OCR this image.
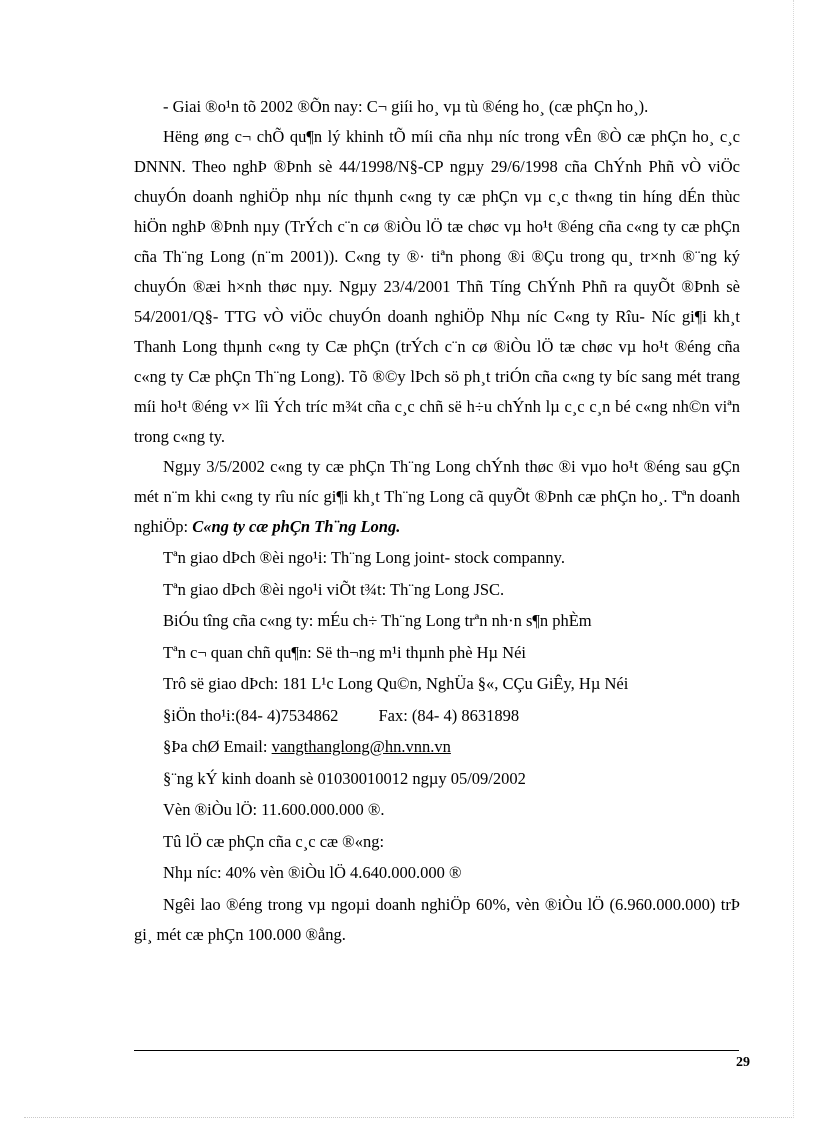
- Giai ®o¹n tõ 2002 ®Õn nay: C¬ giíi ho¸ vµ tù ®éng ho¸ (cæ phÇn ho¸).

Hëng øng c¬ chÕ qu¶n lý khinh tÕ míi cña nhµ níc trong vÊn ®Ò cæ phÇn ho¸ c¸c DNNN. Theo nghÞ ®Þnh sè 44/1998/N§-CP ngµy 29/6/1998 cña ChÝnh Phñ vÒ viÖc chuyÓn doanh nghiÖp nhµ níc thµnh c«ng ty cæ phÇn vµ c¸c th«ng tin híng dÉn thùc hiÖn nghÞ ®Þnh nµy (TrÝch c¨n cø ®iÒu lÖ tæ chøc vµ ho¹t ®éng cña c«ng ty cæ phÇn cña Th¨ng Long (n¨m 2001)). C«ng ty ®· tiªn phong ®i ®Çu trong qu¸ tr×nh ®¨ng ký chuyÓn ®æi h×nh thøc nµy. Ngµy 23/4/2001 Thñ Tíng ChÝnh Phñ ra quyÕt ®Þnh sè 54/2001/Q§- TTG vÒ viÖc chuyÓn doanh nghiÖp Nhµ níc C«ng ty Rîu- Níc gi¶i kh¸t Thanh Long thµnh c«ng ty Cæ phÇn (trÝch c¨n cø ®iÒu lÖ tæ chøc vµ ho¹t ®éng cña c«ng ty Cæ phÇn Th¨ng Long). Tõ ®©y lÞch sö ph¸t triÓn cña c«ng ty bíc sang mét trang míi ho¹t ®éng v× lîi Ých tríc m¾t cña c¸c chñ së h÷u chÝnh lµ c¸c c¸n bé c«ng nh©n viªn trong c«ng ty.

Ngµy 3/5/2002 c«ng ty cæ phÇn Th¨ng Long chÝnh thøc ®i vµo ho¹t ®éng sau gÇn mét n¨m khi c«ng ty rîu níc gi¶i kh¸t Th¨ng Long cã quyÕt ®Þnh cæ phÇn ho¸. Tªn doanh nghiÖp: C«ng ty cæ phÇn Th¨ng Long.

Tªn giao dÞch ®èi ngo¹i: Th¨ng Long joint- stock companny.

Tªn giao dÞch ®èi ngo¹i viÕt t¾t: Th¨ng Long JSC.

BiÓu tîng cña c«ng ty: mÉu ch÷ Th¨ng Long trªn nh·n s¶n phÈm

Tªn c¬ quan chñ qu¶n: Së th¬ng m¹i thµnh phè Hµ Néi

Trô së giao dÞch: 181 L¹c Long Qu©n, NghÜa §«, CÇu GiÊy, Hµ Néi

§iÖn tho¹i:(84- 4)7534862 Fax: (84- 4) 8631898

§Þa chØ Email: vangthanglong@hn.vnn.vn

§¨ng kÝ kinh doanh sè 01030010012 ngµy 05/09/2002

Vèn ®iÒu lÖ: 11.600.000.000 ®.

Tû lÖ cæ phÇn cña c¸c cæ ®«ng:

Nhµ níc: 40% vèn ®iÒu lÖ 4.640.000.000 ®

Ngêi lao ®éng trong vµ ngoµi doanh nghiÖp 60%, vèn ®iÒu lÖ (6.960.000.000) trÞ gi¸ mét cæ phÇn 100.000 ®ång.

29
